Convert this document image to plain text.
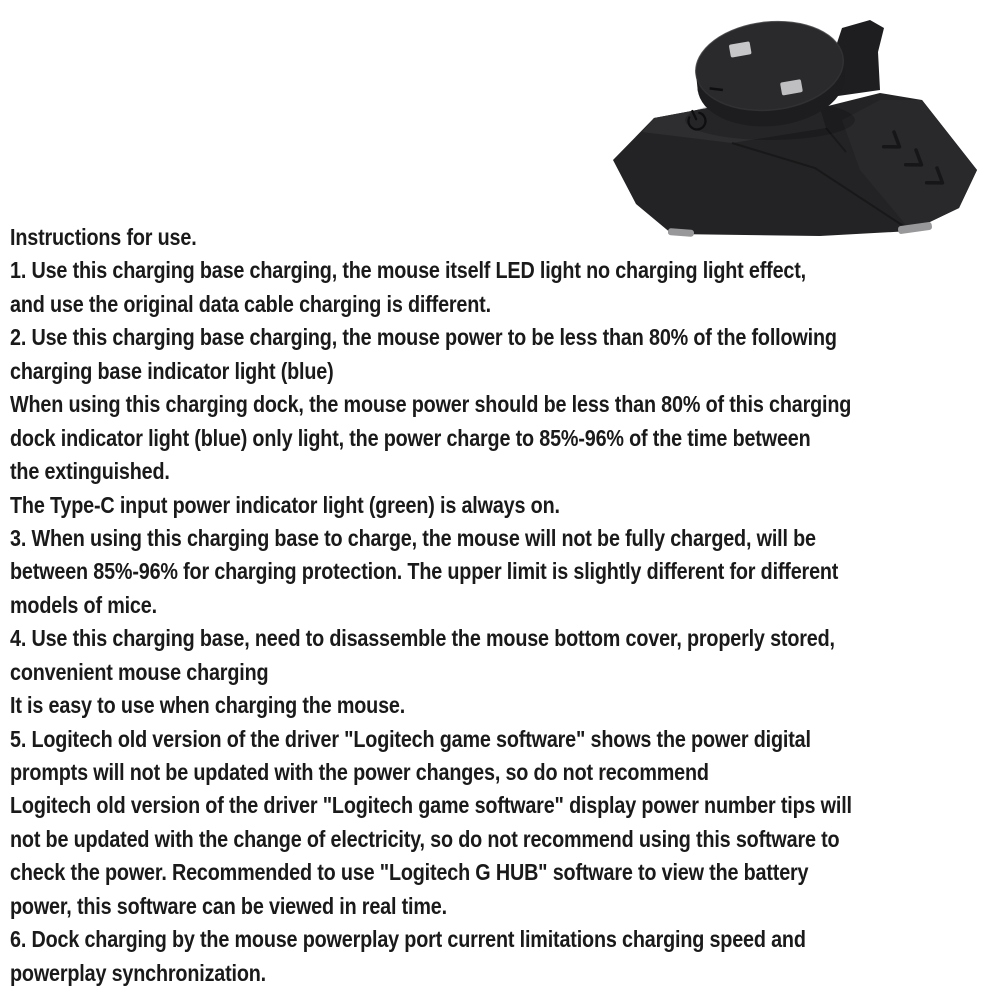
Instructions for use.
1. Use this charging base charging, the mouse itself LED light no charging light effect,
and use the original data cable charging is different.
2. Use this charging base charging, the mouse power to be less than 80% of the following
charging base indicator light (blue)
When using this charging dock, the mouse power should be less than 80% of this charging
dock indicator light (blue) only light, the power charge to 85%-96% of the time between
the extinguished.
The Type-C input power indicator light (green) is always on.
3. When using this charging base to charge, the mouse will not be fully charged, will be
between 85%-96% for charging protection. The upper limit is slightly different for different
models of mice.
4. Use this charging base, need to disassemble the mouse bottom cover, properly stored,
convenient mouse charging
It is easy to use when charging the mouse.
5. Logitech old version of the driver "Logitech game software" shows the power digital
prompts will not be updated with the power changes, so do not recommend
Logitech old version of the driver "Logitech game software" display power number tips will
not be updated with the change of electricity, so do not recommend using this software to
check the power. Recommended to use "Logitech G HUB" software to view the battery
power, this software can be viewed in real time.
6. Dock charging by the mouse powerplay port current limitations charging speed and
powerplay synchronization.
